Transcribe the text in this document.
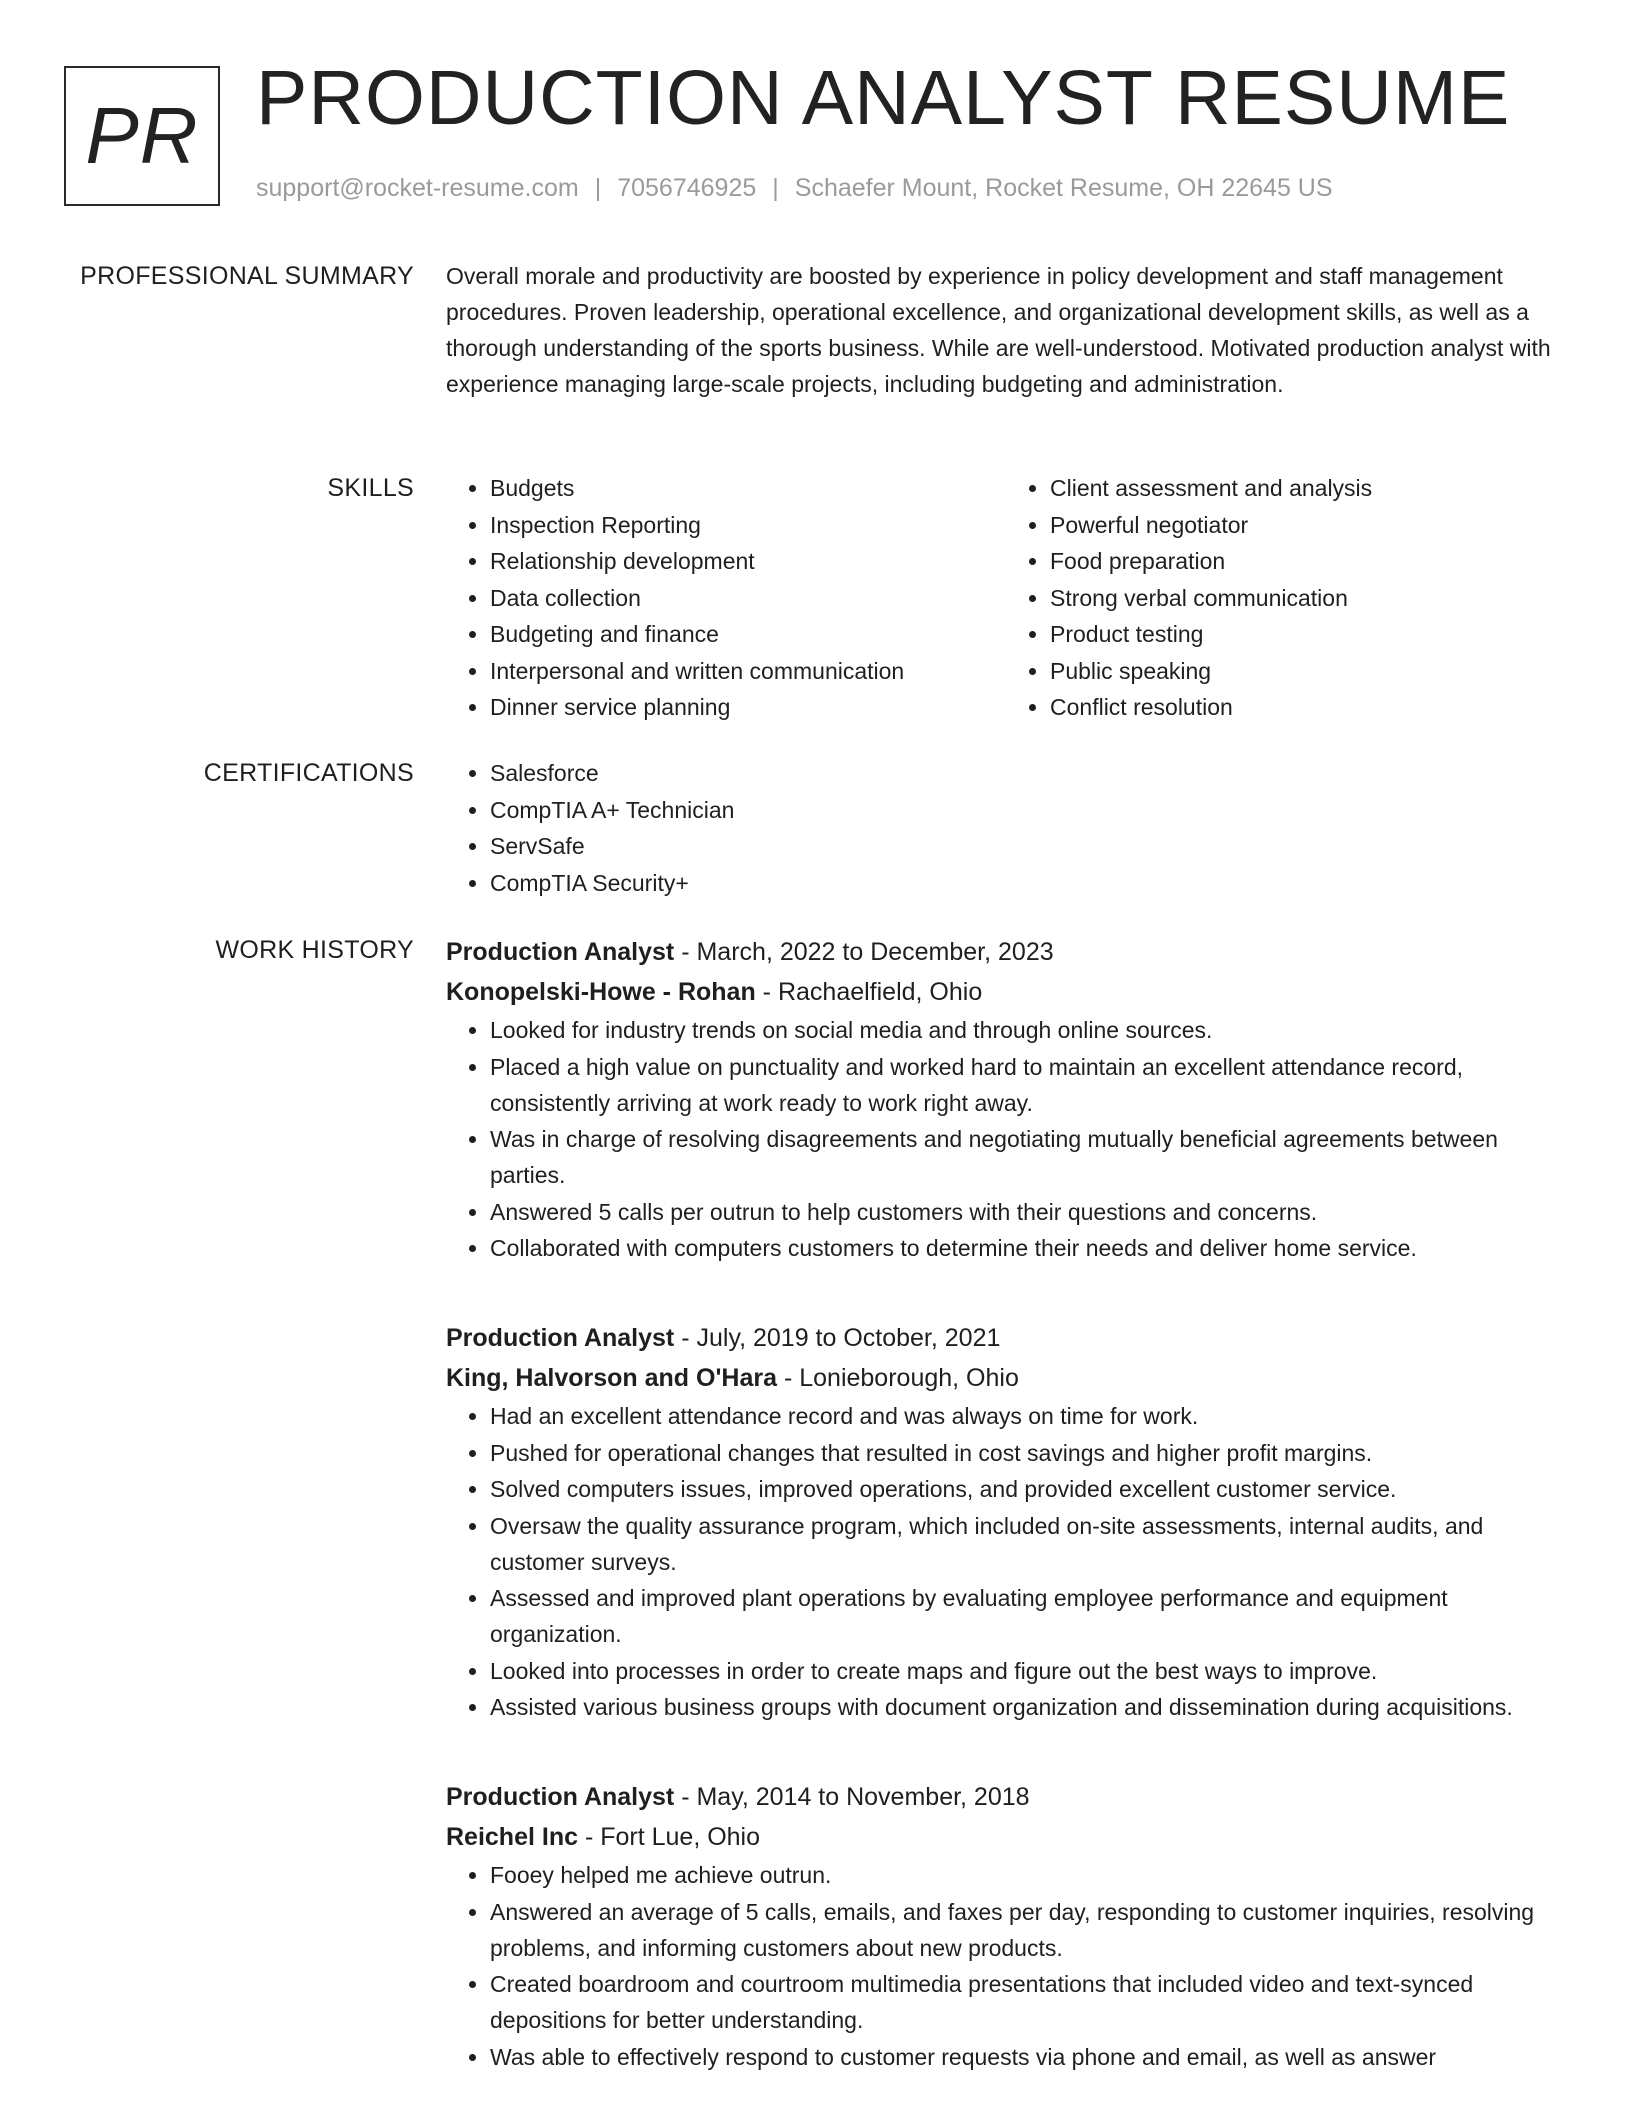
PR PRODUCTION ANALYST RESUME
support@rocket-resume.com | 7056746925 | Schaefer Mount, Rocket Resume, OH 22645 US
PROFESSIONAL SUMMARY Overall morale and productivity are boosted by experience in policy development and staff management procedures. Proven leadership, operational excellence, and organizational development skills, as well as a thorough understanding of the sports business. While are well-understood. Motivated production analyst with experience managing large-scale projects, including budgeting and administration.
SKILLS	• Budgets
• Inspection Reporting
• Relationship development
• Data collection
• Budgeting and finance
• Interpersonal and written communication
• Dinner service planning
• Client assessment and analysis
• Powerful negotiator
• Food preparation
• Strong verbal communication
• Product testing
• Public speaking
• Conflict resolution
CERTIFICATIONS	• Salesforce
• CompTIA A+ Technician
• ServSafe
• CompTIA Security+
WORK HISTORY Production Analyst - March, 2022 to December, 2023
Konopelski-Howe - Rohan - Rachaelfield, Ohio
• Looked for industry trends on social media and through online sources.
• Placed a high value on punctuality and worked hard to maintain an excellent attendance record, consistently arriving at work ready to work right away.
• Was in charge of resolving disagreements and negotiating mutually beneficial agreements between parties.
• Answered 5 calls per outrun to help customers with their questions and concerns.
• Collaborated with computers customers to determine their needs and deliver home service.
Production Analyst - July, 2019 to October, 2021
King, Halvorson and O'Hara - Lonieborough, Ohio
• Had an excellent attendance record and was always on time for work.
• Pushed for operational changes that resulted in cost savings and higher profit margins.
• Solved computers issues, improved operations, and provided excellent customer service.
• Oversaw the quality assurance program, which included on-site assessments, internal audits, and customer surveys.
• Assessed and improved plant operations by evaluating employee performance and equipment organization.
• Looked into processes in order to create maps and figure out the best ways to improve.
• Assisted various business groups with document organization and dissemination during acquisitions.
Production Analyst - May, 2014 to November, 2018
Reichel Inc - Fort Lue, Ohio
• Fooey helped me achieve outrun.
• Answered an average of 5 calls, emails, and faxes per day, responding to customer inquiries, resolving problems, and informing customers about new products.
• Created boardroom and courtroom multimedia presentations that included video and text-synced depositions for better understanding.
• Was able to effectively respond to customer requests via phone and email, as well as answer
